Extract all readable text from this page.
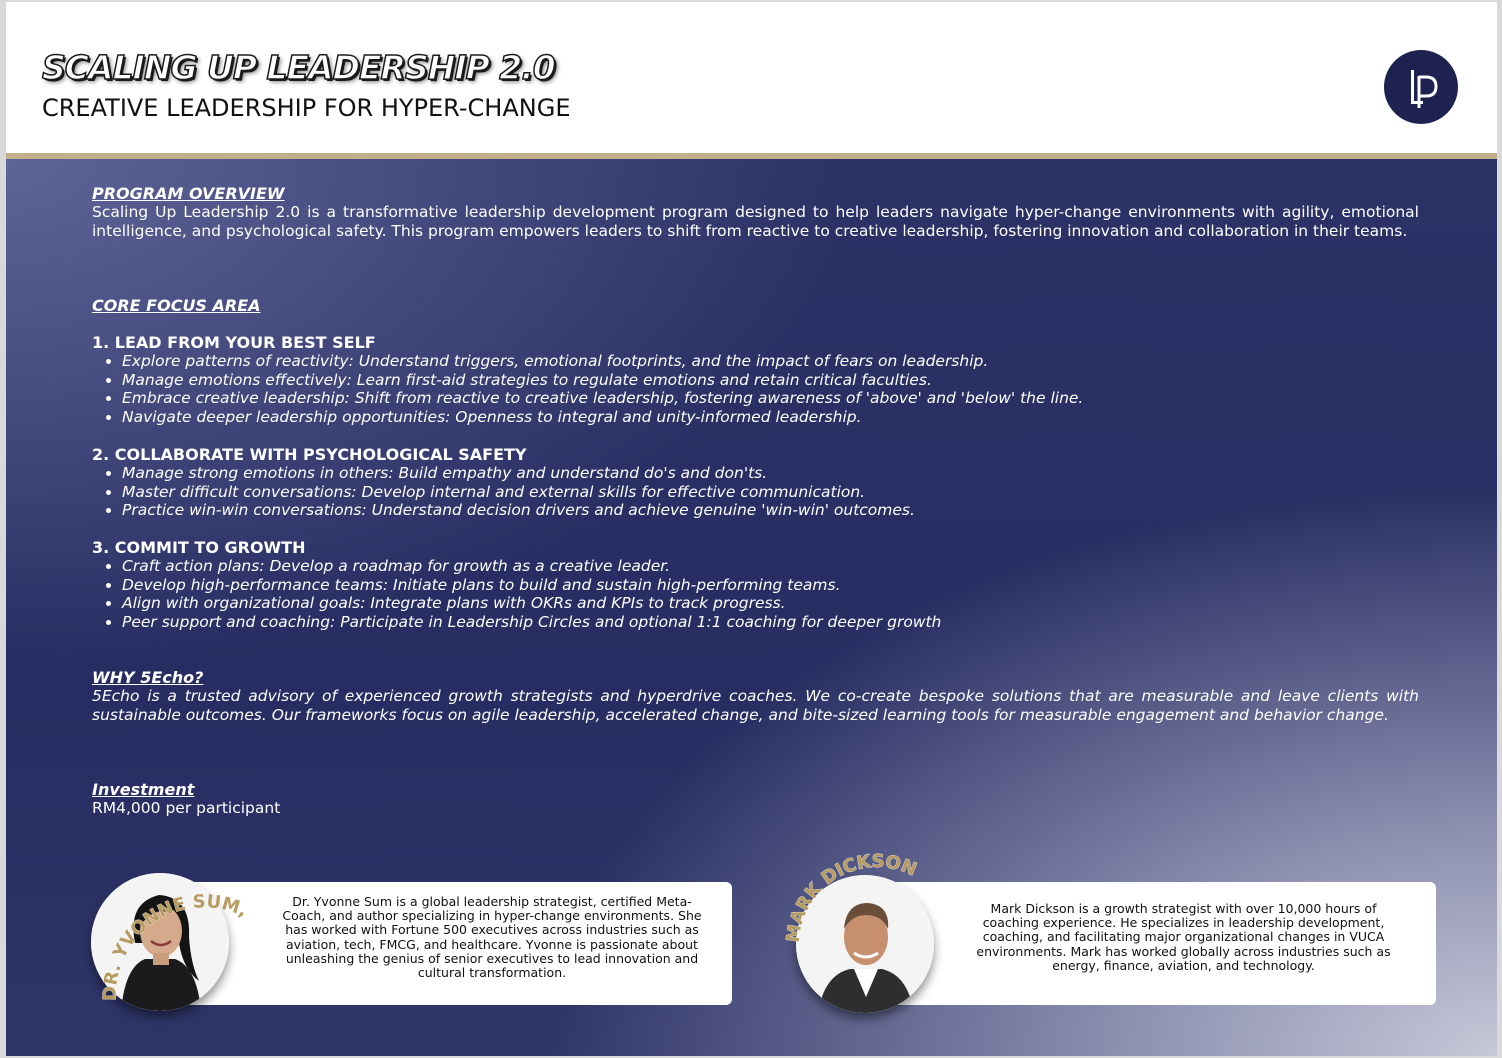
SCALING UP LEADERSHIP 2.0
CREATIVE LEADERSHIP FOR HYPER-CHANGE
PROGRAM OVERVIEW
Scaling Up Leadership 2.0 is a transformative leadership development program designed to help leaders navigate hyper-change environments with agility, emotional intelligence, and psychological safety. This program empowers leaders to shift from reactive to creative leadership, fostering innovation and collaboration in their teams.
CORE FOCUS AREA
1. LEAD FROM YOUR BEST SELF
• Explore patterns of reactivity: Understand triggers, emotional footprints, and the impact of fears on leadership.
• Manage emotions effectively: Learn first-aid strategies to regulate emotions and retain critical faculties.
• Embrace creative leadership: Shift from reactive to creative leadership, fostering awareness of 'above' and 'below' the line.
• Navigate deeper leadership opportunities: Openness to integral and unity-informed leadership.
2. COLLABORATE WITH PSYCHOLOGICAL SAFETY
• Manage strong emotions in others: Build empathy and understand do's and don'ts.
• Master difficult conversations: Develop internal and external skills for effective communication.
• Practice win-win conversations: Understand decision drivers and achieve genuine 'win-win' outcomes.
3. COMMIT TO GROWTH
• Craft action plans: Develop a roadmap for growth as a creative leader.
• Develop high-performance teams: Initiate plans to build and sustain high-performing teams.
• Align with organizational goals: Integrate plans with OKRs and KPIs to track progress.
• Peer support and coaching: Participate in Leadership Circles and optional 1:1 coaching for deeper growth
WHY 5Echo?
5Echo is a trusted advisory of experienced growth strategists and hyperdrive coaches. We co-create bespoke solutions that are measurable and leave clients with sustainable outcomes. Our frameworks focus on agile leadership, accelerated change, and bite-sized learning tools for measurable engagement and behavior change.
Investment
RM4,000 per participant
Dr. Yvonne Sum is a global leadership strategist, certified Meta-Coach, and author specializing in hyper-change environments. She has worked with Fortune 500 executives across industries such as aviation, tech, FMCG, and healthcare. Yvonne is passionate about unleashing the genius of senior executives to lead innovation and cultural transformation.
DR. YVONNE SUM, CSP, ACC
Mark Dickson is a growth strategist with over 10,000 hours of coaching experience. He specializes in leadership development, coaching, and facilitating major organizational changes in VUCA environments. Mark has worked globally across industries such as energy, finance, aviation, and technology.
MARK DICKSON
